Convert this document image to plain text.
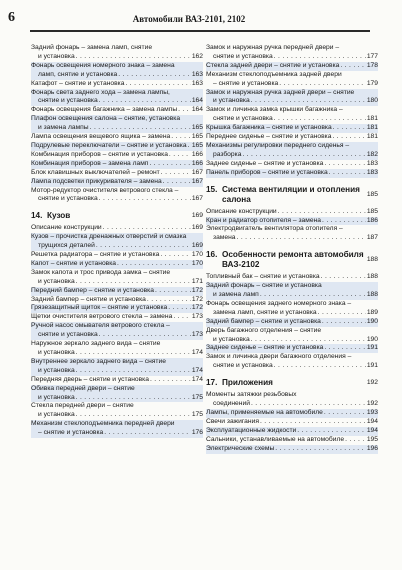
6	Автомобили ВАЗ-2101, 2102
Задний фонарь – замена ламп, снятие
и установка . . .	162
Фонарь освещения номерного знака – замена
ламп, снятие и установка . . .	163
Катафот – снятие и установка . . .	163
Фонарь света заднего хода – замена лампы,
снятие и установка . . .	164
Фонарь освещения багажника – замена лампы . . . 164
Плафон освещения салона – снятие, установка
и замена лампы . . .	165
Лампа освещения вещевого ящика – замена . . .	165
Подрулевые переключатели – снятие и установка . . . 165
Комбинация приборов – снятие и установка . . .	166
Комбинация приборов – замена ламп . . .	166
Блок клавишных выключателей – ремонт . . .	167
Лампа подсветки прикуривателя – замена . . .	167
Мотор-редуктор очистителя ветрового стекла –
снятие и установка . . .	167
14. Кузов	169
Описание конструкции . . .	169
Кузов – прочистка дренажных отверстий и смазка
трущихся деталей . . .	169
Решетка радиатора – снятие и установка . . .	170
Капот – снятие и установка . . .	170
Замок капота и трос привода замка – снятие
и установка . . .	171
Передний бампер – снятие и установка . . .	172
Задний бампер – снятие и установка . . .	172
Грязезащитный щиток – снятие и установка . . .	172
Щетки очистителя ветрового стекла – замена . . .	173
Ручной насос омывателя ветрового стекла –
снятие и установка . . .	173
Наружное зеркало заднего вида – снятие
и установка . . .	174
Внутреннее зеркало заднего вида – снятие
и установка . . .	174
Передняя дверь – снятие и установка . . .	174
Обивка передней двери – снятие
и установка . . .	175
Стекла передней двери – снятие
и установка . . .	175
Механизм стеклоподъемника передней двери
– снятие и установка . . .	176
Замок и наружная ручка передней двери –
снятие и установка . . .	177
Стекла задней двери – снятие и установка . . .	178
Механизм стеклоподъемника задней двери
– снятие и установка . . .	179
Замок и наружная ручка задней двери – снятие
и установка . . .	180
Замок и личинка замка крышки багажника –
снятие и установка . . .	181
Крышка багажника – снятие и установка . . .	181
Переднее сиденье – снятие и установка . . .	181
Механизмы регулировки переднего сиденья –
разборка . . .	182
Заднее сиденье – снятие и установка . . .	183
Панель приборов – снятие и установка . . .	183
15. Система вентиляции и отопления салона
185
Описание конструкции . . .	185
Кран и радиатор отопителя – замена . . .	186
Электродвигатель вентилятора отопителя –
замена . . .	187
16. Особенности ремонта автомобиля ВАЗ-2102
188
Топливный бак – снятие и установка . . .	188
Задний фонарь – снятие и установка
и замена ламп . . .	188
Фонарь освещения заднего номерного знака –
замена ламп, снятие и установка . . .	189
Задний бампер – снятие и установка . . .	190
Дверь багажного отделения – снятие
и установка . . .	190
Заднее сиденье – снятие и установка . . .	191
Замок и личинка двери багажного отделения –
снятие и установка . . .	191
17. Приложения	192
Моменты затяжки резьбовых
соединений . . .	192
Лампы, применяемые на автомобиле . . .	193
Свечи зажигания . . .	194
Эксплуатационные жидкости . . .	194
Сальники, устанавливаемые на автомобиле . . .	195
Электрические схемы . . .	196
